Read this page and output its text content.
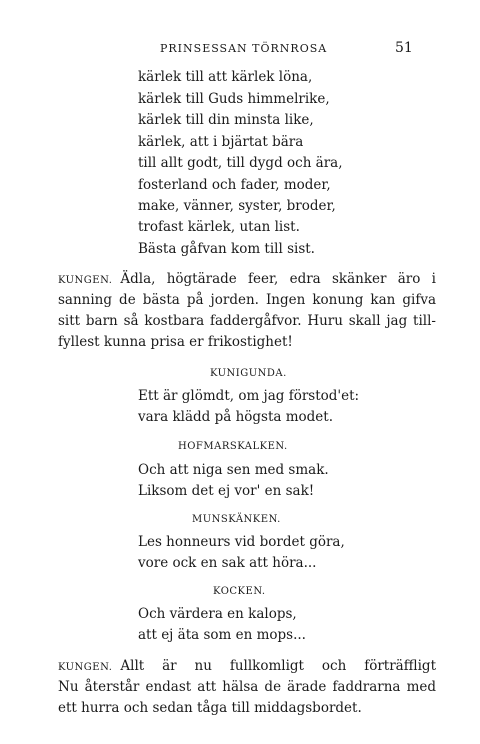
PRINSESSAN TÖRNROSA	51
kärlek till att kärlek löna,
kärlek till Guds himmelrike,
kärlek till din minsta like,
kärlek, att i bjärtat bära
till allt godt, till dygd och ära,
fosterland och fader, moder,
make, vänner, syster, broder,
trofast kärlek, utan list.
Bästa gåfvan kom till sist.
KUNGEN. Ädla, högtärade feer, edra skänker äro i
sanning de bästa på jorden. Ingen konung kan gifva
sitt barn så kostbara faddergåfvor. Huru skall jag till-
fyllest kunna prisa er frikostighet!
KUNIGUNDA.
Ett är glömdt, om jag förstod'et:
vara klädd på högsta modet.
HOFMARSKALKEN.
Och att niga sen med smak.
Liksom det ej vor' en sak!
MUNSKÄNKEN.
Les honneurs vid bordet göra,
vore ock en sak att höra...
KOCKEN.
Och värdera en kalops,
att ej äta som en mops...
KUNGEN. Allt är nu fullkomligt och förträffligt
Nu återstår endast att hälsa de ärade faddrarna med
ett hurra och sedan tåga till middagsbordet.
